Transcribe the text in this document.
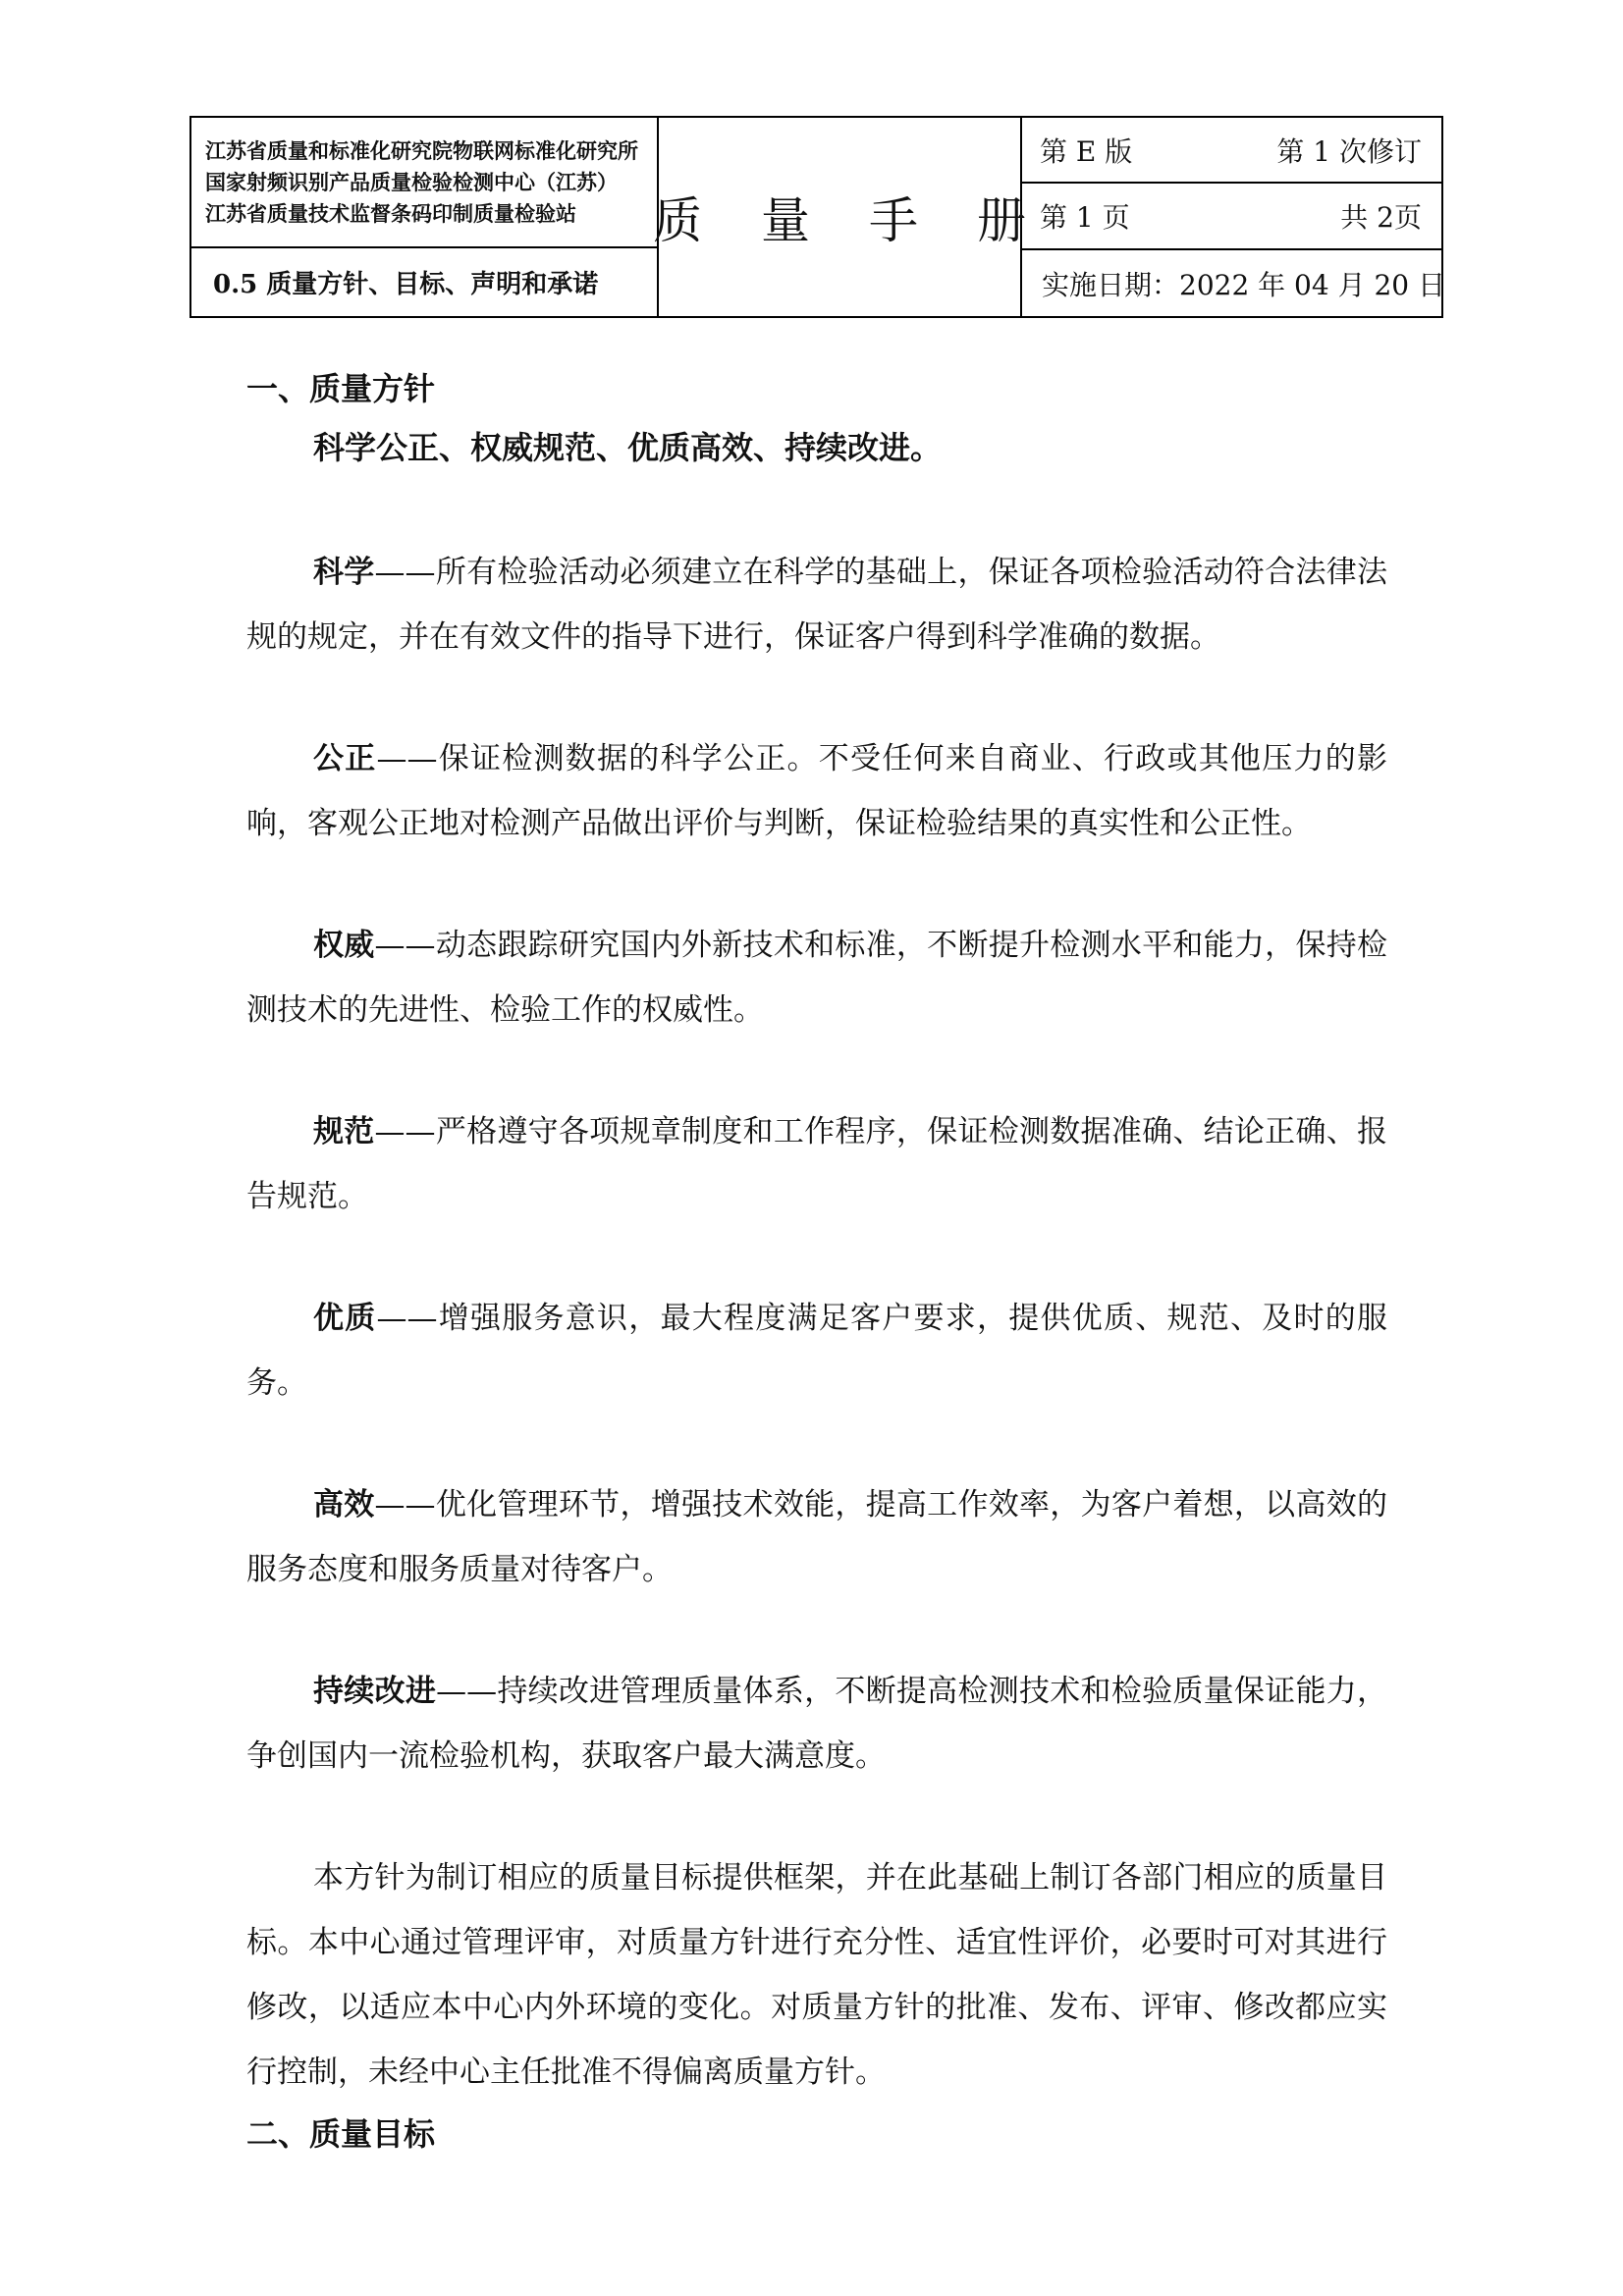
江苏省质量和标准化研究院物联网标准化研究所
国家射频识别产品质量检验检测中心（江苏）
江苏省质量技术监督条码印制质量检验站
0.5 质量方针、目标、声明和承诺
质 量 手 册
第 E 版	第 1 次修订
第 1 页	共 2页
实施日期：2022 年 04 月 20 日

一、质量方针

科学公正、权威规范、优质高效、持续改进。

科学——所有检验活动必须建立在科学的基础上，保证各项检验活动符合法律法规的规定，并在有效文件的指导下进行，保证客户得到科学准确的数据。

公正——保证检测数据的科学公正。不受任何来自商业、行政或其他压力的影响，客观公正地对检测产品做出评价与判断，保证检验结果的真实性和公正性。

权威——动态跟踪研究国内外新技术和标准，不断提升检测水平和能力，保持检测技术的先进性、检验工作的权威性。

规范——严格遵守各项规章制度和工作程序，保证检测数据准确、结论正确、报告规范。

优质——增强服务意识，最大程度满足客户要求，提供优质、规范、及时的服务。

高效——优化管理环节，增强技术效能，提高工作效率，为客户着想，以高效的服务态度和服务质量对待客户。

持续改进——持续改进管理质量体系，不断提高检测技术和检验质量保证能力，争创国内一流检验机构，获取客户最大满意度。

本方针为制订相应的质量目标提供框架，并在此基础上制订各部门相应的质量目标。本中心通过管理评审，对质量方针进行充分性、适宜性评价，必要时可对其进行修改，以适应本中心内外环境的变化。对质量方针的批准、发布、评审、修改都应实行控制，未经中心主任批准不得偏离质量方针。

二、质量目标
